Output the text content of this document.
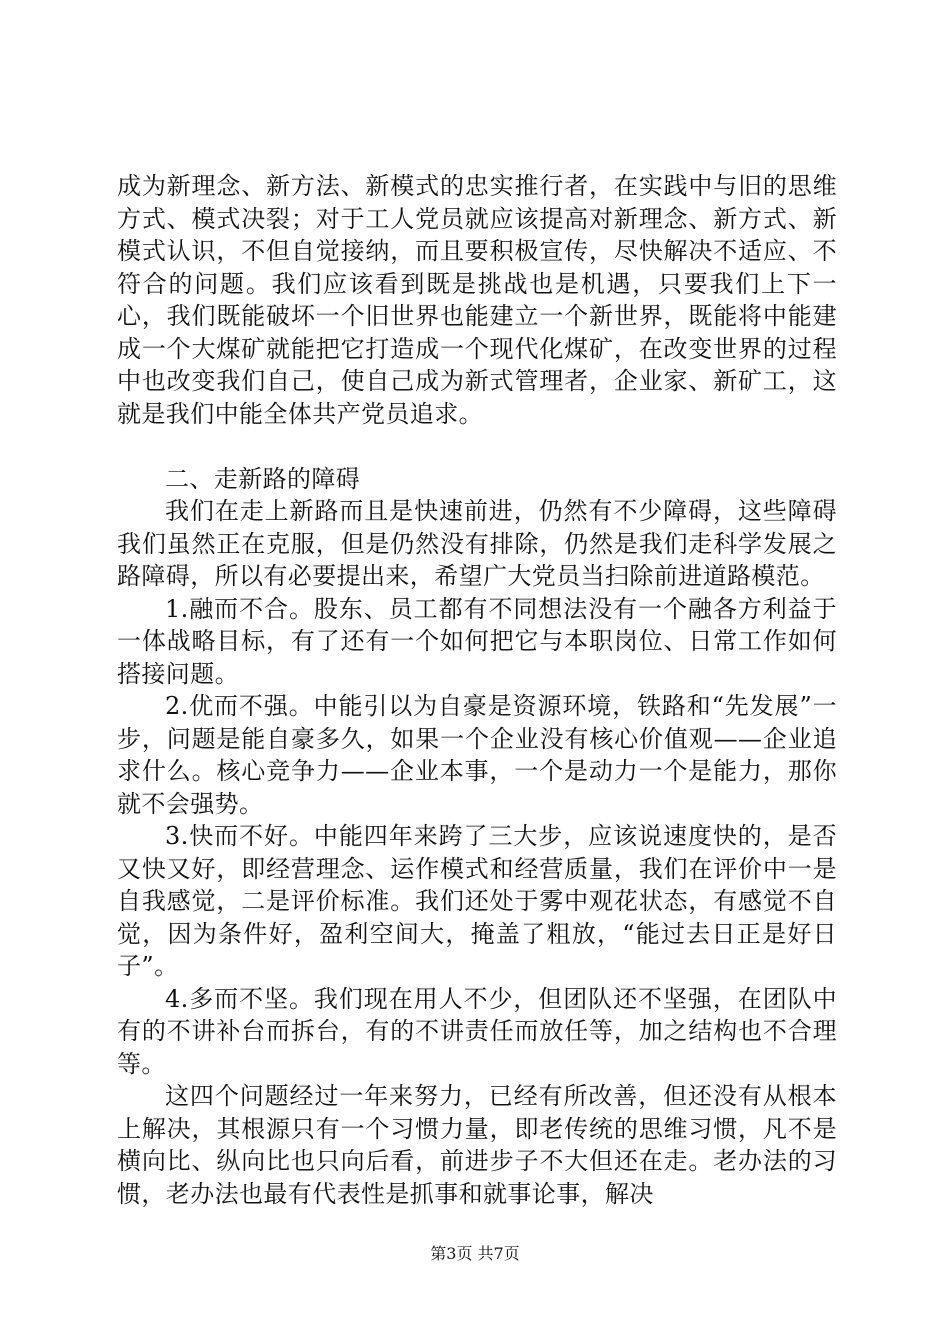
成为新理念、新方法、新模式的忠实推行者，在实践中与旧的思维方式、模式决裂；对于工人党员就应该提高对新理念、新方式、新模式认识，不但自觉接纳，而且要积极宣传，尽快解决不适应、不符合的问题。我们应该看到既是挑战也是机遇，只要我们上下一心，我们既能破坏一个旧世界也能建立一个新世界，既能将中能建成一个大煤矿就能把它打造成一个现代化煤矿，在改变世界的过程中也改变我们自己，使自己成为新式管理者，企业家、新矿工，这就是我们中能全体共产党员追求。

二、走新路的障碍

我们在走上新路而且是快速前进，仍然有不少障碍，这些障碍我们虽然正在克服，但是仍然没有排除，仍然是我们走科学发展之路障碍，所以有必要提出来，希望广大党员当扫除前进道路模范。

1.融而不合。股东、员工都有不同想法没有一个融各方利益于一体战略目标，有了还有一个如何把它与本职岗位、日常工作如何搭接问题。

2.优而不强。中能引以为自豪是资源环境，铁路和“先发展”一步，问题是能自豪多久，如果一个企业没有核心价值观——企业追求什么。核心竞争力——企业本事，一个是动力一个是能力，那你就不会强势。

3.快而不好。中能四年来跨了三大步，应该说速度快的，是否又快又好，即经营理念、运作模式和经营质量，我们在评价中一是自我感觉，二是评价标准。我们还处于雾中观花状态，有感觉不自觉，因为条件好，盈利空间大，掩盖了粗放，“能过去日正是好日子”。

4.多而不坚。我们现在用人不少，但团队还不坚强，在团队中有的不讲补台而拆台，有的不讲责任而放任等，加之结构也不合理等。

这四个问题经过一年来努力，已经有所改善，但还没有从根本上解决，其根源只有一个习惯力量，即老传统的思维习惯，凡不是横向比、纵向比也只向后看，前进步子不大但还在走。老办法的习惯，老办法也最有代表性是抓事和就事论事，解决

第3页 共7页
